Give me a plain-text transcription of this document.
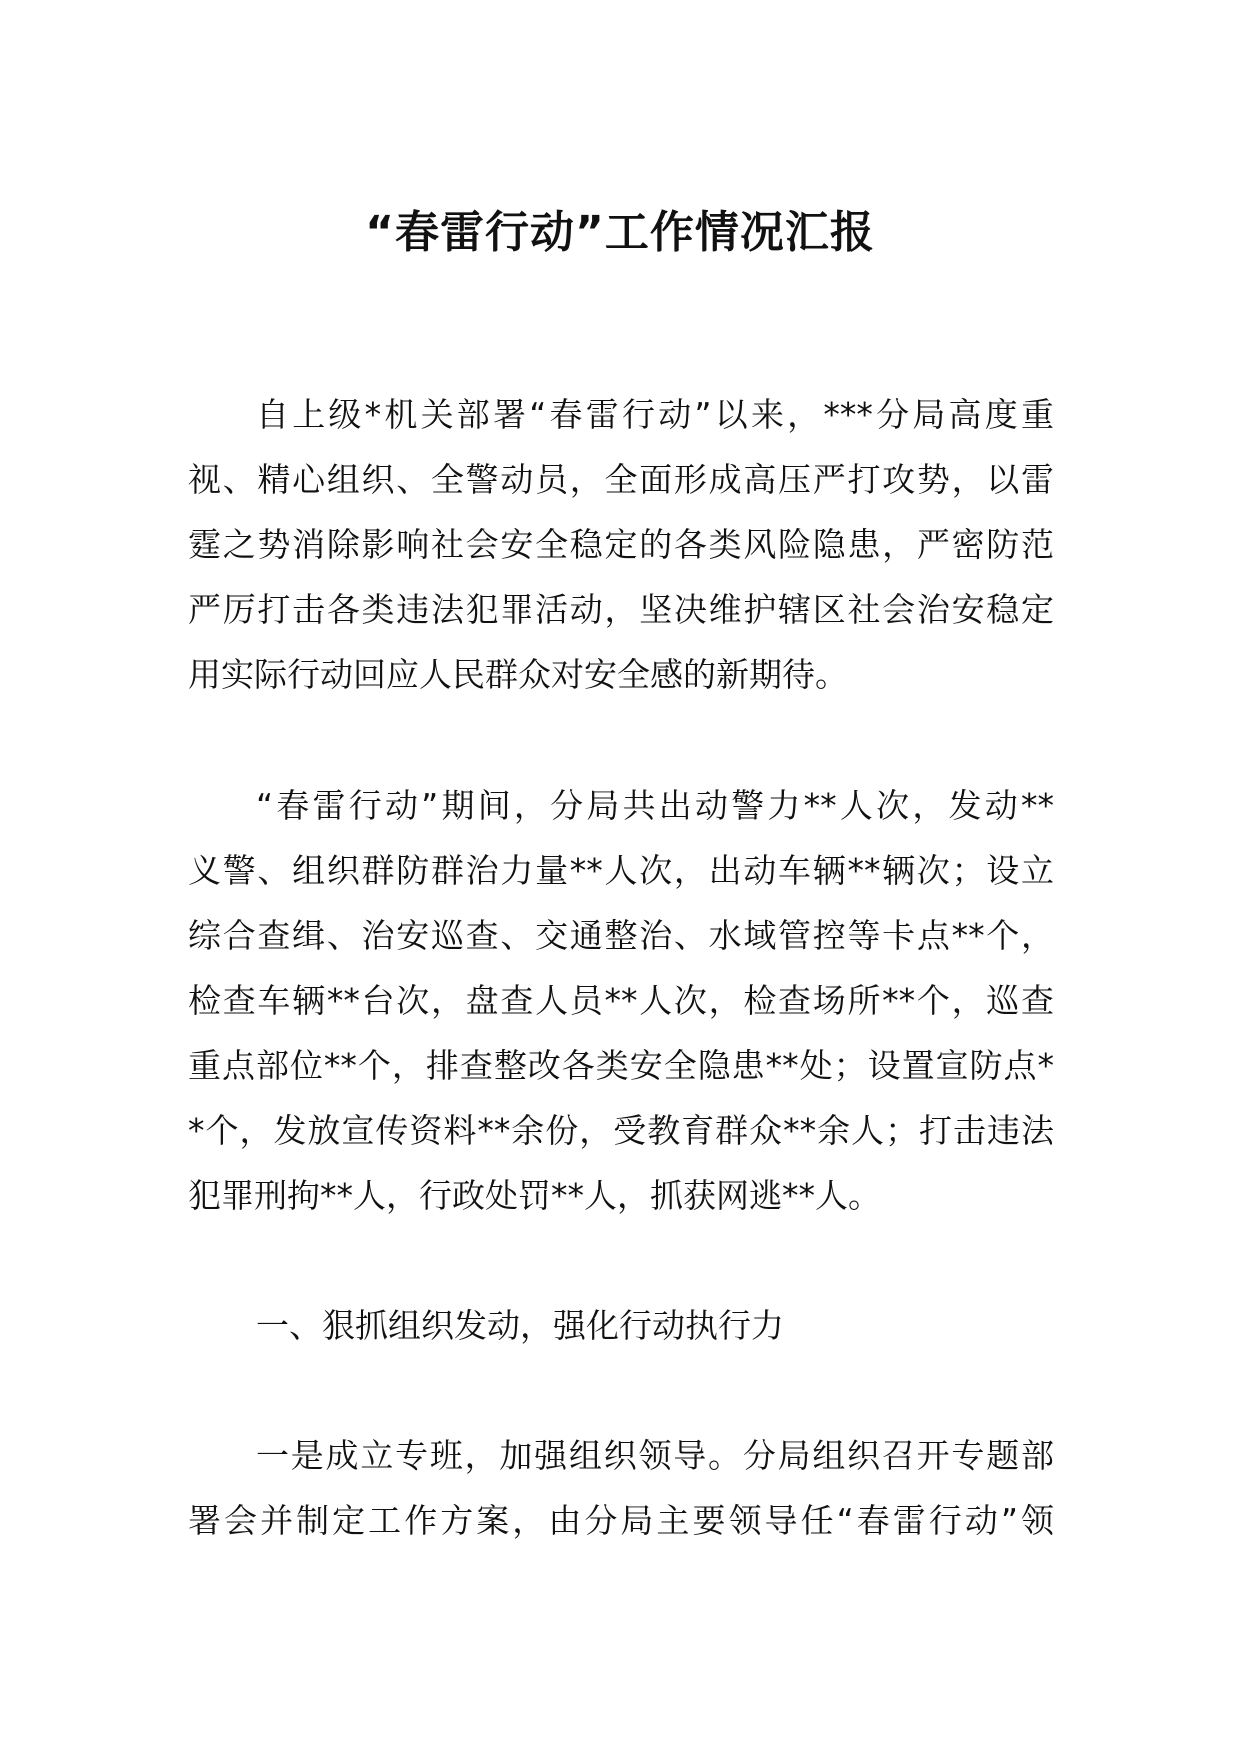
“春雷行动”工作情况汇报
自上级*机关部署“春雷行动”以来，***分局高度重
视、精心组织、全警动员，全面形成高压严打攻势，以雷
霆之势消除影响社会安全稳定的各类风险隐患，严密防范
严厉打击各类违法犯罪活动，坚决维护辖区社会治安稳定
用实际行动回应人民群众对安全感的新期待。
“春雷行动”期间，分局共出动警力**人次，发动**
义警、组织群防群治力量**人次，出动车辆**辆次；设立
综合查缉、治安巡查、交通整治、水域管控等卡点**个，
检查车辆**台次，盘查人员**人次，检查场所**个，巡查
重点部位**个，排查整改各类安全隐患**处；设置宣防点*
*个，发放宣传资料**余份，受教育群众**余人；打击违法
犯罪刑拘**人，行政处罚**人，抓获网逃**人。
一、狠抓组织发动，强化行动执行力
一是成立专班，加强组织领导。分局组织召开专题部
署会并制定工作方案，由分局主要领导任“春雷行动”领
